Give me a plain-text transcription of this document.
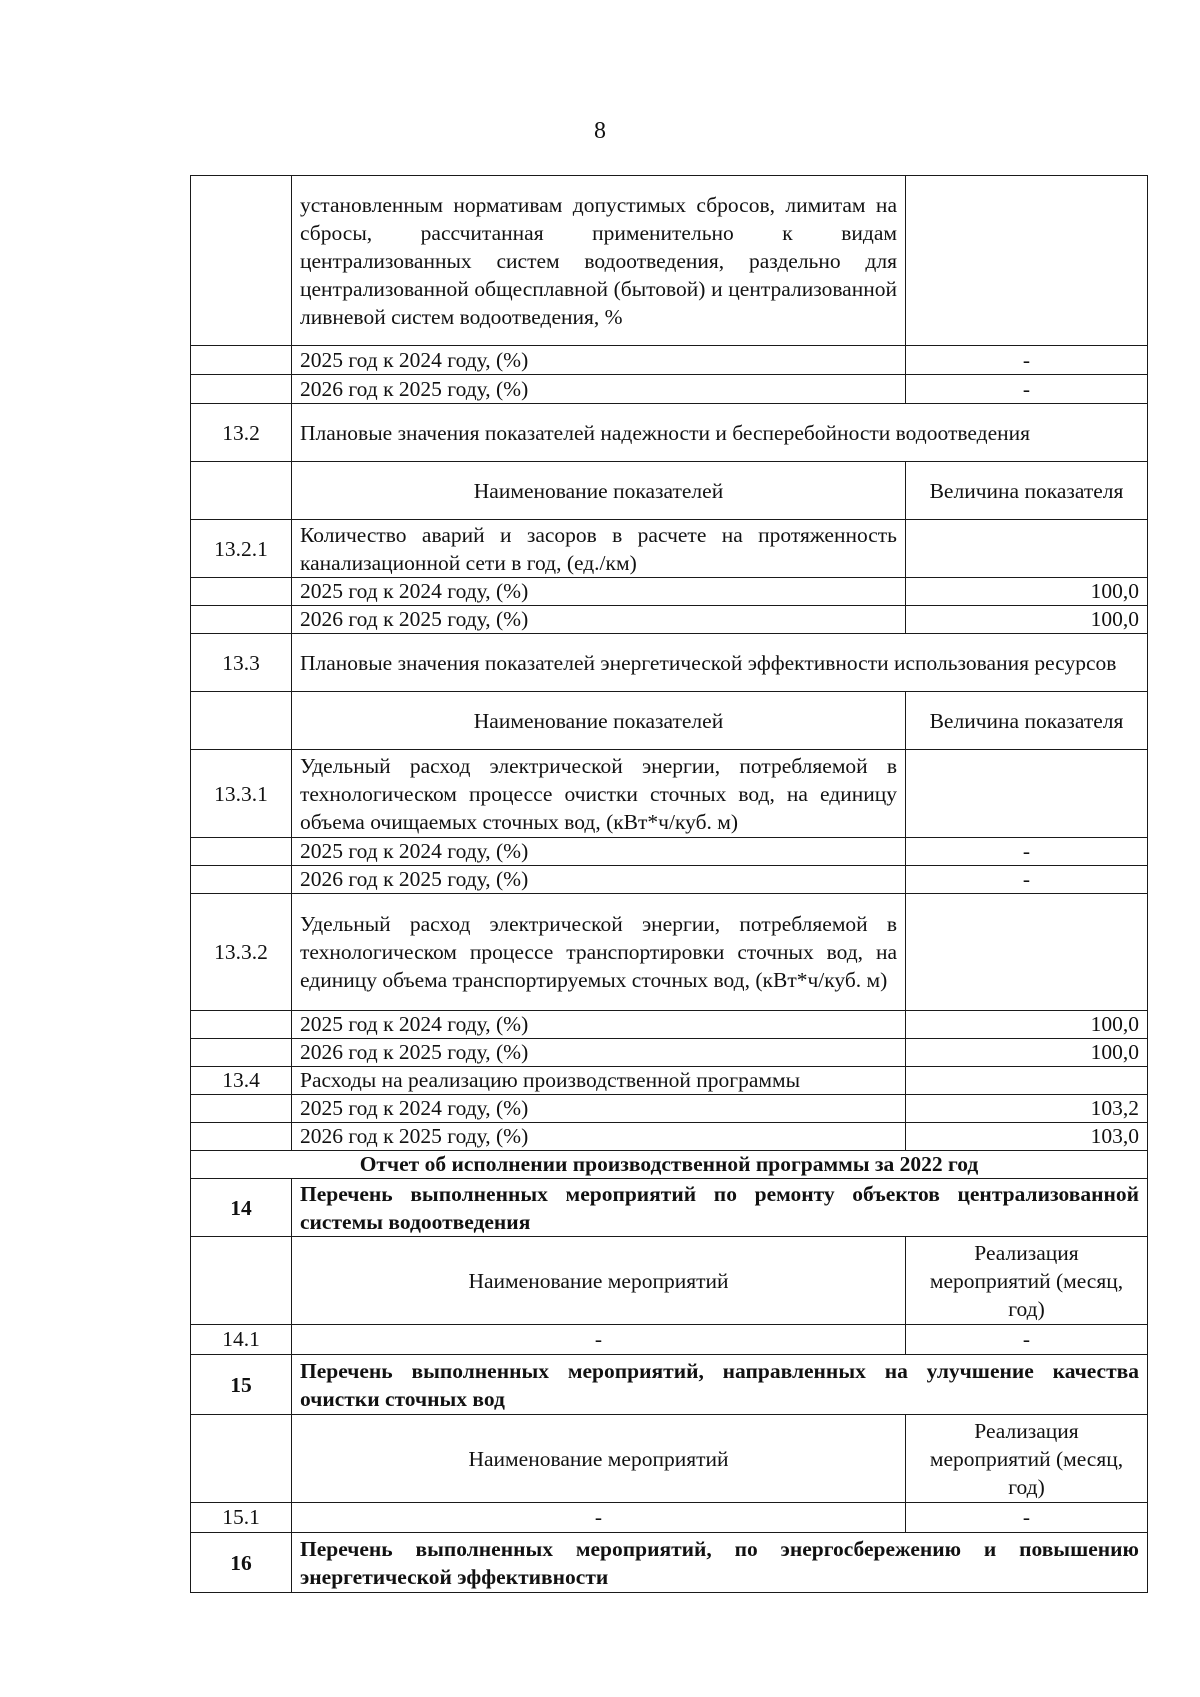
8
	установленным нормативам допустимых сбросов, лимитам на сбросы, рассчитанная применительно к видам централизованных систем водоотведения, раздельно для централизованной общесплавной (бытовой) и централизованной ливневой систем водоотведения, %	
	2025 год к 2024 году, (%)	-
	2026 год к 2025 году, (%)	-
13.2	Плановые значения показателей надежности и бесперебойности водоотведения	
	Наименование показателей	Величина показателя
13.2.1	Количество аварий и засоров в расчете на протяженность канализационной сети в год, (ед./км)	
	2025 год к 2024 году, (%)	100,0
	2026 год к 2025 году, (%)	100,0
13.3	Плановые значения показателей энергетической эффективности использования ресурсов	
	Наименование показателей	Величина показателя
13.3.1	Удельный расход электрической энергии, потребляемой в технологическом процессе очистки сточных вод, на единицу объема очищаемых сточных вод, (кВт*ч/куб. м)	
	2025 год к 2024 году, (%)	-
	2026 год к 2025 году, (%)	-
13.3.2	Удельный расход электрической энергии, потребляемой в технологическом процессе транспортировки сточных вод, на единицу объема транспортируемых сточных вод, (кВт*ч/куб. м)	
	2025 год к 2024 году, (%)	100,0
	2026 год к 2025 году, (%)	100,0
13.4	Расходы на реализацию производственной программы	
	2025 год к 2024 году, (%)	103,2
	2026 год к 2025 году, (%)	103,0
Отчет об исполнении производственной программы за 2022 год		
14	Перечень выполненных мероприятий по ремонту объектов централизованной системы водоотведения	
	Наименование мероприятий	Реализация мероприятий (месяц, год)
14.1	-	-
15	Перечень выполненных мероприятий, направленных на улучшение качества очистки сточных вод	
	Наименование мероприятий	Реализация мероприятий (месяц, год)
15.1	-	-
16	Перечень выполненных мероприятий, по энергосбережению и повышению энергетической эффективности	
